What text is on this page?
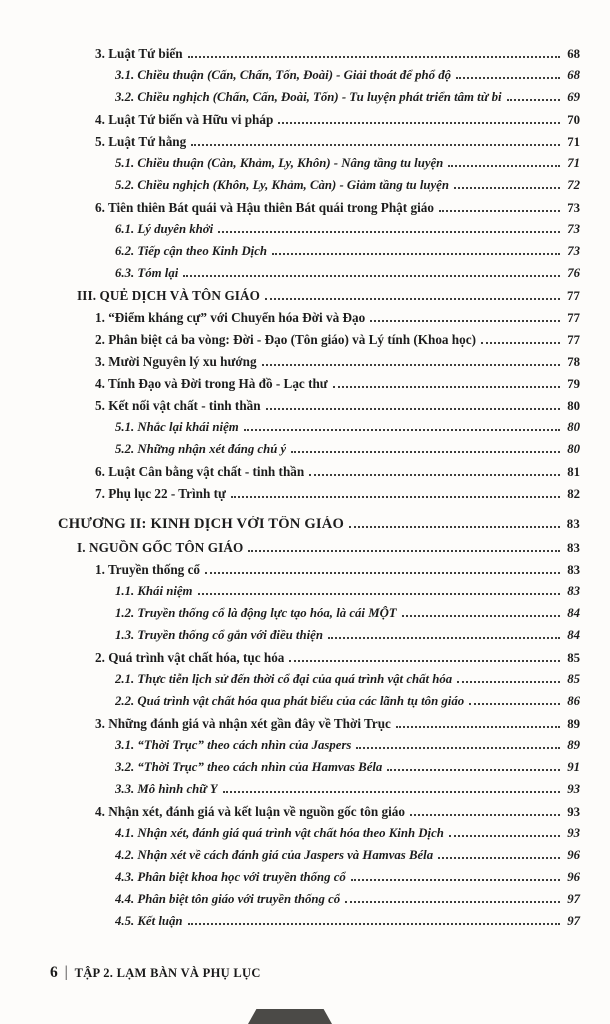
3. Luật Tứ biến	68
3.1. Chiều thuận (Cấn, Chấn, Tốn, Đoài) - Giải thoát để phổ độ	68
3.2. Chiều nghịch (Chấn, Cấn, Đoài, Tốn) - Tu luyện phát triển tâm từ bi	69
4. Luật Tứ biến và Hữu vi pháp	70
5. Luật Tứ hằng	71
5.1. Chiều thuận (Càn, Khảm, Ly, Khôn) - Nâng tầng tu luyện	71
5.2. Chiều nghịch (Khôn, Ly, Khảm, Càn) - Giảm tầng tu luyện	72
6. Tiên thiên Bát quái và Hậu thiên Bát quái trong Phật giáo	73
6.1. Lý duyên khởi	73
6.2. Tiếp cận theo Kinh Dịch	73
6.3. Tóm lại	76
III. QUẺ DỊCH VÀ TÔN GIÁO	77
1. “Điểm kháng cự” với Chuyển hóa Đời và Đạo	77
2. Phân biệt cả ba vòng: Đời - Đạo (Tôn giáo) và Lý tính (Khoa học)	77
3. Mười Nguyên lý xu hướng	78
4. Tính Đạo và Đời trong Hà đồ - Lạc thư	79
5. Kết nối vật chất - tinh thần	80
5.1. Nhắc lại khái niệm	80
5.2. Những nhận xét đáng chú ý	80
6. Luật Cân bằng vật chất - tinh thần	81
7. Phụ lục 22 - Trình tự	82
CHƯƠNG II: KINH DỊCH VỚI TÔN GIÁO	83
I. NGUỒN GỐC TÔN GIÁO	83
1. Truyền thống cổ	83
1.1. Khái niệm	83
1.2. Truyền thống cổ là động lực tạo hóa, là cái MỘT	84
1.3. Truyền thống cổ gắn với điều thiện	84
2. Quá trình vật chất hóa, tục hóa	85
2.1. Thực tiễn lịch sử đến thời cổ đại của quá trình vật chất hóa	85
2.2. Quá trình vật chất hóa qua phát biểu của các lãnh tụ tôn giáo	86
3. Những đánh giá và nhận xét gần đây về Thời Trục	89
3.1. “Thời Trục” theo cách nhìn của Jaspers	89
3.2. “Thời Trục” theo cách nhìn của Hamvas Béla	91
3.3. Mô hình chữ Y	93
4. Nhận xét, đánh giá và kết luận về nguồn gốc tôn giáo	93
4.1. Nhận xét, đánh giá quá trình vật chất hóa theo Kinh Dịch	93
4.2. Nhận xét về cách đánh giá của Jaspers và Hamvas Béla	96
4.3. Phân biệt khoa học với truyền thống cổ	96
4.4. Phân biệt tôn giáo với truyền thống cổ	97
4.5. Kết luận	97
6 | TẬP 2. LẠM BÀN VÀ PHỤ LỤC
